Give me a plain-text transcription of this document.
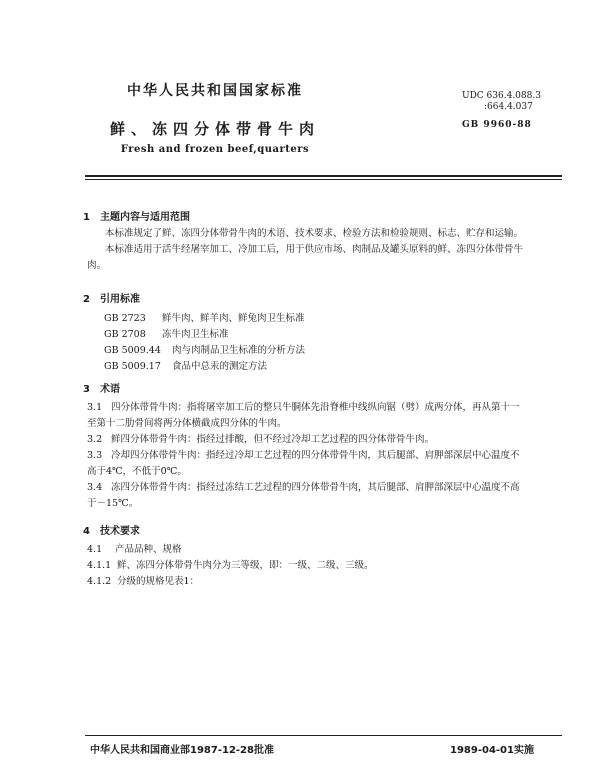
中华人民共和国国家标准
鲜、冻四分体带骨牛肉
Fresh and frozen beef,quarters
UDC 636.4.088.3
:664.4.037
GB 9960-88
1 主题内容与适用范围
本标准规定了鲜、冻四分体带骨牛肉的术语、技术要求、检验方法和检验规则、标志、贮存和运输。
本标准适用于活牛经屠宰加工、冷加工后，用于供应市场、肉制品及罐头原料的鲜、冻四分体带骨牛
肉。
2 引用标准
GB 2723 鲜牛肉、鲜羊肉、鲜兔肉卫生标准
GB 2708 冻牛肉卫生标准
GB 5009.44 肉与肉制品卫生标准的分析方法
GB 5009.17 食品中总汞的测定方法
3 术语
3.1 四分体带骨牛肉：指将屠宰加工后的整只牛胴体先沿脊椎中线纵向锯（劈）成两分体，再从第十一
至第十二肋骨间将两分体横截成四分体的牛肉。
3.2 鲜四分体带骨牛肉：指经过排酸，但不经过冷却工艺过程的四分体带骨牛肉。
3.3 冷却四分体带骨牛肉：指经过冷却工艺过程的四分体带骨牛肉，其后腿部、肩胛部深层中心温度不
高于4℃，不低于0℃。
3.4 冻四分体带骨牛肉：指经过冻结工艺过程的四分体带骨牛肉，其后腿部、肩胛部深层中心温度不高
于－15℃。
4 技术要求
4.1 产品品种、规格
4.1.1 鲜、冻四分体带骨牛肉分为三等级，即：一级、二级、三级。
4.1.2 分级的规格见表1：
中华人民共和国商业部1987-12-28批准	1989-04-01实施
